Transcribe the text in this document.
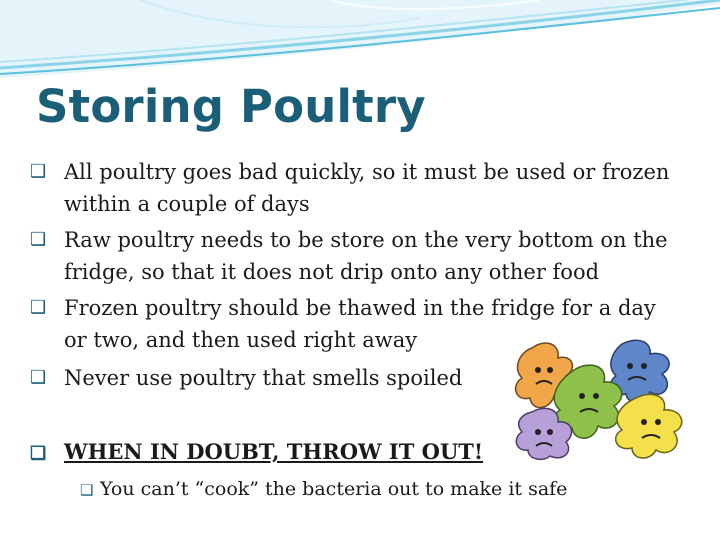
Storing Poultry
❑ All poultry goes bad quickly, so it must be used or frozen within a couple of days
❑ Raw poultry needs to be store on the very bottom on the fridge, so that it does not drip onto any other food
❑ Frozen poultry should be thawed in the fridge for a day or two, and then used right away
❑ Never use poultry that smells spoiled
❑ WHEN IN DOUBT, THROW IT OUT!
❑ You can’t “cook” the bacteria out to make it safe
